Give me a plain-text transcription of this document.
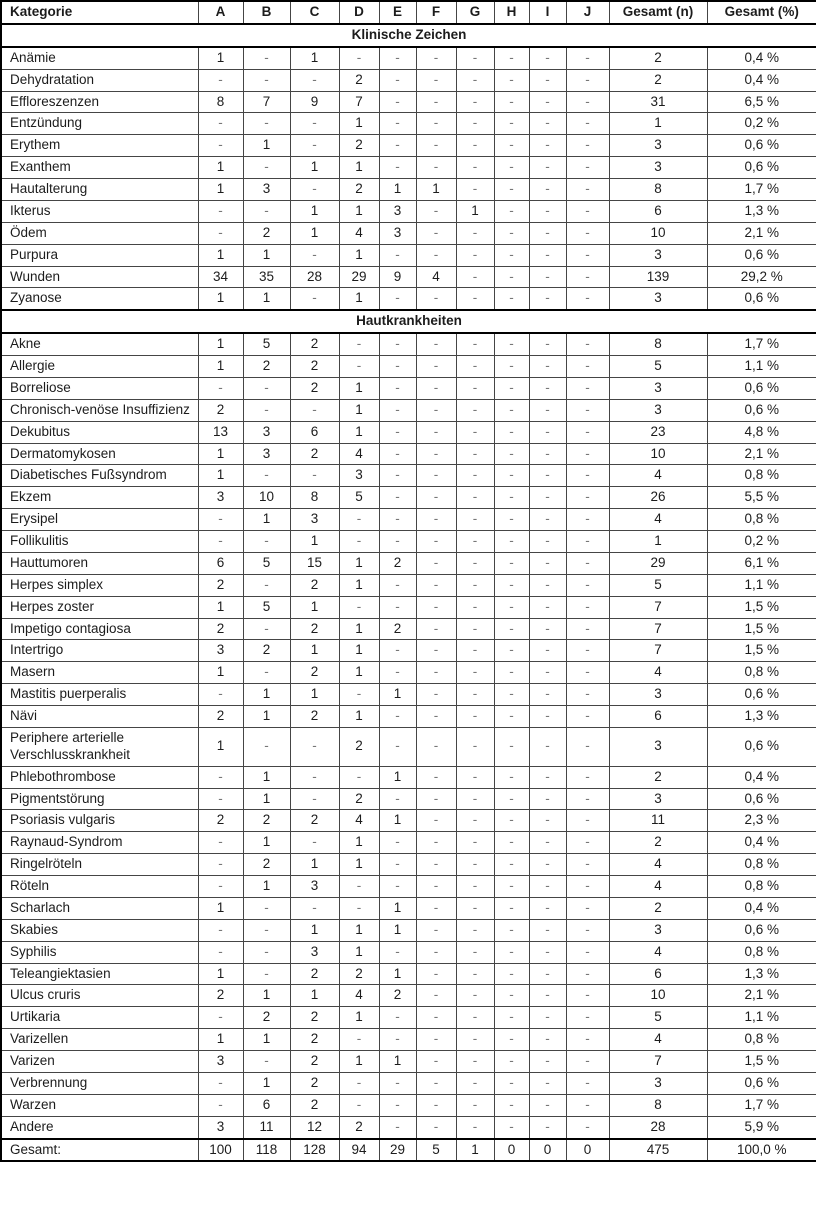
Kategorie	A	B	C	D	E	F	G	H	I	J	Gesamt (n)	Gesamt (%)
Klinische Zeichen												
Anämie	1	-	1	-	-	-	-	-	-	-	2	0,4 %
Dehydratation	-	-	-	2	-	-	-	-	-	-	2	0,4 %
Effloreszenzen	8	7	9	7	-	-	-	-	-	-	31	6,5 %
Entzündung	-	-	-	1	-	-	-	-	-	-	1	0,2 %
Erythem	-	1	-	2	-	-	-	-	-	-	3	0,6 %
Exanthem	1	-	1	1	-	-	-	-	-	-	3	0,6 %
Hautalterung	1	3	-	2	1	1	-	-	-	-	8	1,7 %
Ikterus	-	-	1	1	3	-	1	-	-	-	6	1,3 %
Ödem	-	2	1	4	3	-	-	-	-	-	10	2,1 %
Purpura	1	1	-	1	-	-	-	-	-	-	3	0,6 %
Wunden	34	35	28	29	9	4	-	-	-	-	139	29,2 %
Zyanose	1	1	-	1	-	-	-	-	-	-	3	0,6 %
Hautkrankheiten												
Akne	1	5	2	-	-	-	-	-	-	-	8	1,7 %
Allergie	1	2	2	-	-	-	-	-	-	-	5	1,1 %
Borreliose	-	-	2	1	-	-	-	-	-	-	3	0,6 %
Chronisch-venöse Insuffizienz	2	-	-	1	-	-	-	-	-	-	3	0,6 %
Dekubitus	13	3	6	1	-	-	-	-	-	-	23	4,8 %
Dermatomykosen	1	3	2	4	-	-	-	-	-	-	10	2,1 %
Diabetisches Fußsyndrom	1	-	-	3	-	-	-	-	-	-	4	0,8 %
Ekzem	3	10	8	5	-	-	-	-	-	-	26	5,5 %
Erysipel	-	1	3	-	-	-	-	-	-	-	4	0,8 %
Follikulitis	-	-	1	-	-	-	-	-	-	-	1	0,2 %
Hauttumoren	6	5	15	1	2	-	-	-	-	-	29	6,1 %
Herpes simplex	2	-	2	1	-	-	-	-	-	-	5	1,1 %
Herpes zoster	1	5	1	-	-	-	-	-	-	-	7	1,5 %
Impetigo contagiosa	2	-	2	1	2	-	-	-	-	-	7	1,5 %
Intertrigo	3	2	1	1	-	-	-	-	-	-	7	1,5 %
Masern	1	-	2	1	-	-	-	-	-	-	4	0,8 %
Mastitis puerperalis	-	1	1	-	1	-	-	-	-	-	3	0,6 %
Nävi	2	1	2	1	-	-	-	-	-	-	6	1,3 %
Periphere arterielle Verschlusskrankheit	1	-	-	2	-	-	-	-	-	-	3	0,6 %
Phlebothrombose	-	1	-	-	1	-	-	-	-	-	2	0,4 %
Pigmentstörung	-	1	-	2	-	-	-	-	-	-	3	0,6 %
Psoriasis vulgaris	2	2	2	4	1	-	-	-	-	-	11	2,3 %
Raynaud-Syndrom	-	1	-	1	-	-	-	-	-	-	2	0,4 %
Ringelröteln	-	2	1	1	-	-	-	-	-	-	4	0,8 %
Röteln	-	1	3	-	-	-	-	-	-	-	4	0,8 %
Scharlach	1	-	-	-	1	-	-	-	-	-	2	0,4 %
Skabies	-	-	1	1	1	-	-	-	-	-	3	0,6 %
Syphilis	-	-	3	1	-	-	-	-	-	-	4	0,8 %
Teleangiektasien	1	-	2	2	1	-	-	-	-	-	6	1,3 %
Ulcus cruris	2	1	1	4	2	-	-	-	-	-	10	2,1 %
Urtikaria	-	2	2	1	-	-	-	-	-	-	5	1,1 %
Varizellen	1	1	2	-	-	-	-	-	-	-	4	0,8 %
Varizen	3	-	2	1	1	-	-	-	-	-	7	1,5 %
Verbrennung	-	1	2	-	-	-	-	-	-	-	3	0,6 %
Warzen	-	6	2	-	-	-	-	-	-	-	8	1,7 %
Andere	3	11	12	2	-	-	-	-	-	-	28	5,9 %
Gesamt:	100	118	128	94	29	5	1	0	0	0	475	100,0 %
